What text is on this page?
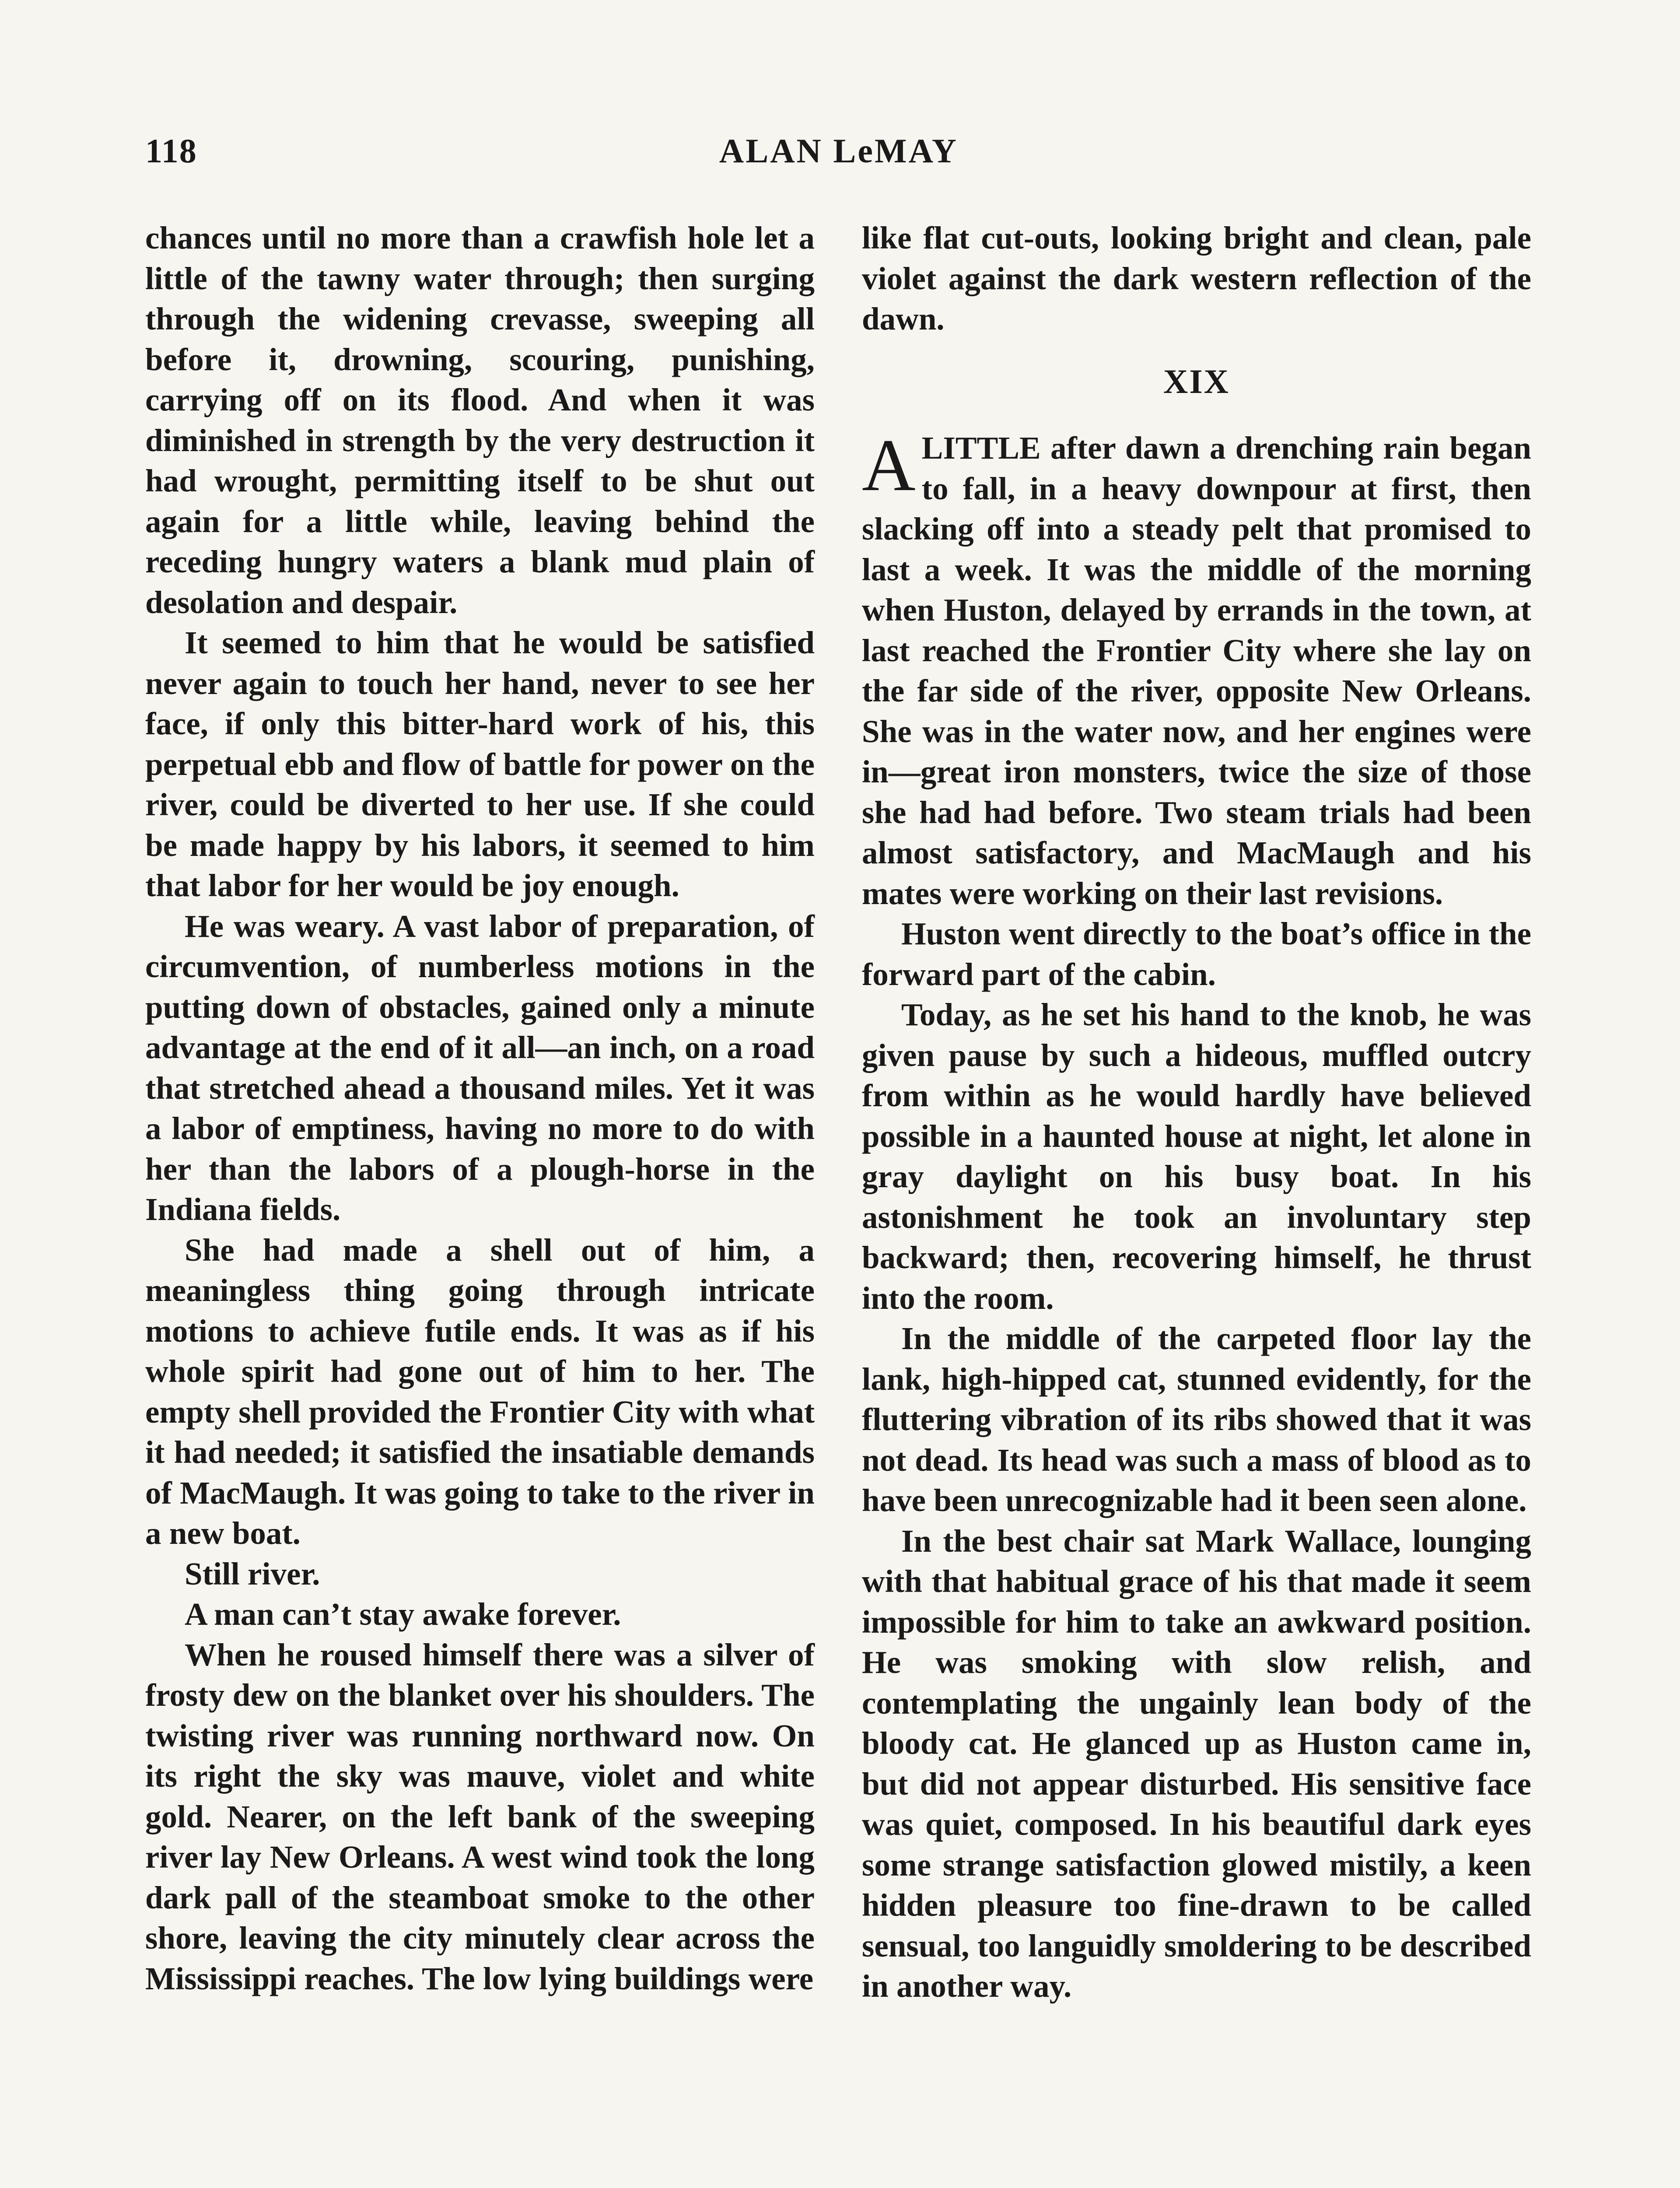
118	ALAN LeMAY

chances until no more than a crawfish hole let a little of the tawny water through; then surging through the widening crevasse, sweeping all before it, drowning, scouring, punishing, carrying off on its flood. And when it was diminished in strength by the very destruction it had wrought, permitting itself to be shut out again for a little while, leaving behind the receding hungry waters a blank mud plain of desolation and despair.

It seemed to him that he would be satisfied never again to touch her hand, never to see her face, if only this bitter-hard work of his, this perpetual ebb and flow of battle for power on the river, could be diverted to her use. If she could be made happy by his labors, it seemed to him that labor for her would be joy enough.

He was weary. A vast labor of preparation, of circumvention, of numberless motions in the putting down of obstacles, gained only a minute advantage at the end of it all—an inch, on a road that stretched ahead a thousand miles. Yet it was a labor of emptiness, having no more to do with her than the labors of a plough-horse in the Indiana fields.

She had made a shell out of him, a meaningless thing going through intricate motions to achieve futile ends. It was as if his whole spirit had gone out of him to her. The empty shell provided the Frontier City with what it had needed; it satisfied the insatiable demands of MacMaugh. It was going to take to the river in a new boat.

Still river.

A man can’t stay awake forever.

When he roused himself there was a silver of frosty dew on the blanket over his shoulders. The twisting river was running northward now. On its right the sky was mauve, violet and white gold. Nearer, on the left bank of the sweeping river lay New Orleans. A west wind took the long dark pall of the steamboat smoke to the other shore, leaving the city minutely clear across the Mississippi reaches. The low lying buildings were

like flat cut-outs, looking bright and clean, pale violet against the dark western reflection of the dawn.

XIX

A LITTLE after dawn a drenching rain began to fall, in a heavy downpour at first, then slacking off into a steady pelt that promised to last a week. It was the middle of the morning when Huston, delayed by errands in the town, at last reached the Frontier City where she lay on the far side of the river, opposite New Orleans. She was in the water now, and her engines were in—great iron monsters, twice the size of those she had had before. Two steam trials had been almost satisfactory, and MacMaugh and his mates were working on their last revisions.

Huston went directly to the boat’s office in the forward part of the cabin.

Today, as he set his hand to the knob, he was given pause by such a hideous, muffled outcry from within as he would hardly have believed possible in a haunted house at night, let alone in gray daylight on his busy boat. In his astonishment he took an involuntary step backward; then, recovering himself, he thrust into the room.

In the middle of the carpeted floor lay the lank, high-hipped cat, stunned evidently, for the fluttering vibration of its ribs showed that it was not dead. Its head was such a mass of blood as to have been unrecognizable had it been seen alone.

In the best chair sat Mark Wallace, lounging with that habitual grace of his that made it seem impossible for him to take an awkward position. He was smoking with slow relish, and contemplating the ungainly lean body of the bloody cat. He glanced up as Huston came in, but did not appear disturbed. His sensitive face was quiet, composed. In his beautiful dark eyes some strange satisfaction glowed mistily, a keen hidden pleasure too fine-drawn to be called sensual, too languidly smoldering to be described in another way.
